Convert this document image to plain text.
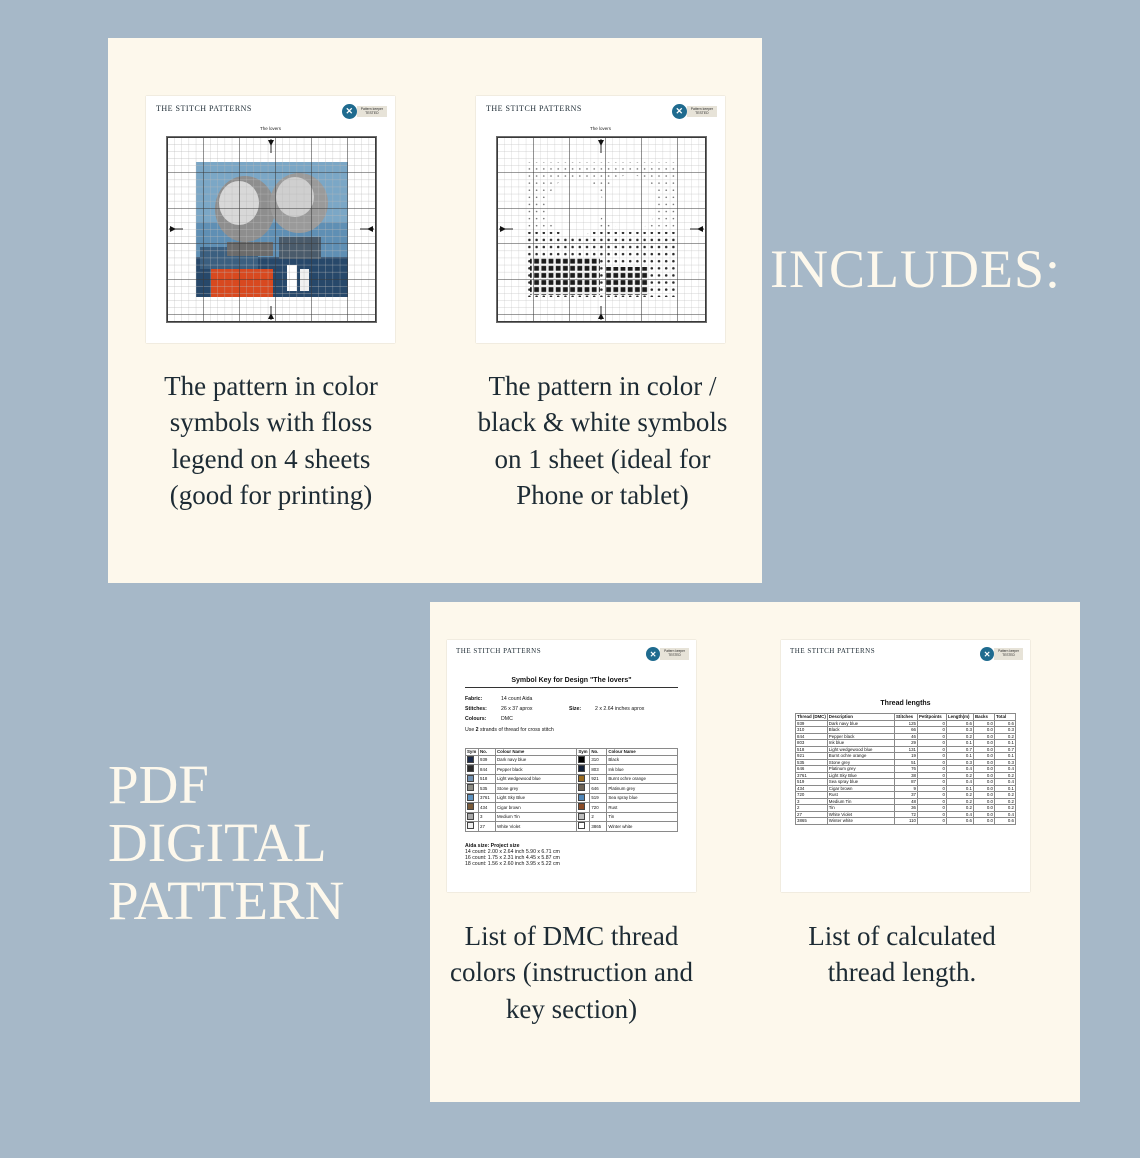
INCLUDES:
PDF
DIGITAL
PATTERN
THE STITCH PATTERNS	✕	Pattern keeper
TESTED
The lovers
The pattern in color symbols with floss legend on 4 sheets (good for printing)
THE STITCH PATTERNS	✕	Pattern keeper
TESTED
The lovers
The pattern in color / black & white symbols on 1 sheet (ideal for Phone or tablet)
THE STITCH PATTERNS	✕	Pattern keeper
TESTED
Symbol Key for Design "The lovers"
Fabric:	14 count Aida
Stitches:	26 x 37 aprox	Size:	2 x 2.64 inches aprox
Colours:	DMC
Use 2 strands of thread for cross stitch
Sym	No.	Colour Name	Sym	No.	Colour Name
	939	Dark navy blue		310	Black
	844	Pepper black		803	Ink blue
	518	Light wedgewood blue		921	Burnt ochre orange
	535	Stone grey		646	Platinum grey
	3761	Light Sky Blue		519	Sea spray blue
	434	Cigar brown		720	Rust
	3	Medium Tin		2	Tin
	27	White Violet		3865	Winter white
Aida size: Project size
14 count: 2.00 x 2.64 inch 5.90 x 6.71 cm
16 count: 1.75 x 2.31 inch 4.45 x 5.87 cm
18 count: 1.56 x 2.60 inch 3.95 x 5.22 cm
List of DMC thread colors (instruction and key section)
THE STITCH PATTERNS	✕	Pattern keeper
TESTED
Thread lengths
Thread (DMC)	Description	Stitches	Petitpoints	Length(m)	Backs	Total
939	Dark navy blue	125	0	0.6	0.0	0.6
310	Black	66	0	0.3	0.0	0.3
844	Pepper black	46	0	0.2	0.0	0.2
803	Ink blue	29	0	0.1	0.0	0.1
518	Light wedgewood blue	131	0	0.7	0.0	0.7
921	Burnt ochre orange	19	0	0.1	0.0	0.1
535	Stone grey	51	0	0.3	0.0	0.3
646	Platinum grey	76	0	0.4	0.0	0.4
3761	Light Sky Blue	38	0	0.2	0.0	0.2
519	Sea spray blue	87	0	0.4	0.0	0.4
434	Cigar brown	9	0	0.1	0.0	0.1
720	Rust	37	0	0.2	0.0	0.2
3	Medium Tin	48	0	0.2	0.0	0.2
2	Tin	36	0	0.2	0.0	0.2
27	White Violet	72	0	0.4	0.0	0.4
3865	Winter white	110	0	0.6	0.0	0.6
List of calculated thread length.
